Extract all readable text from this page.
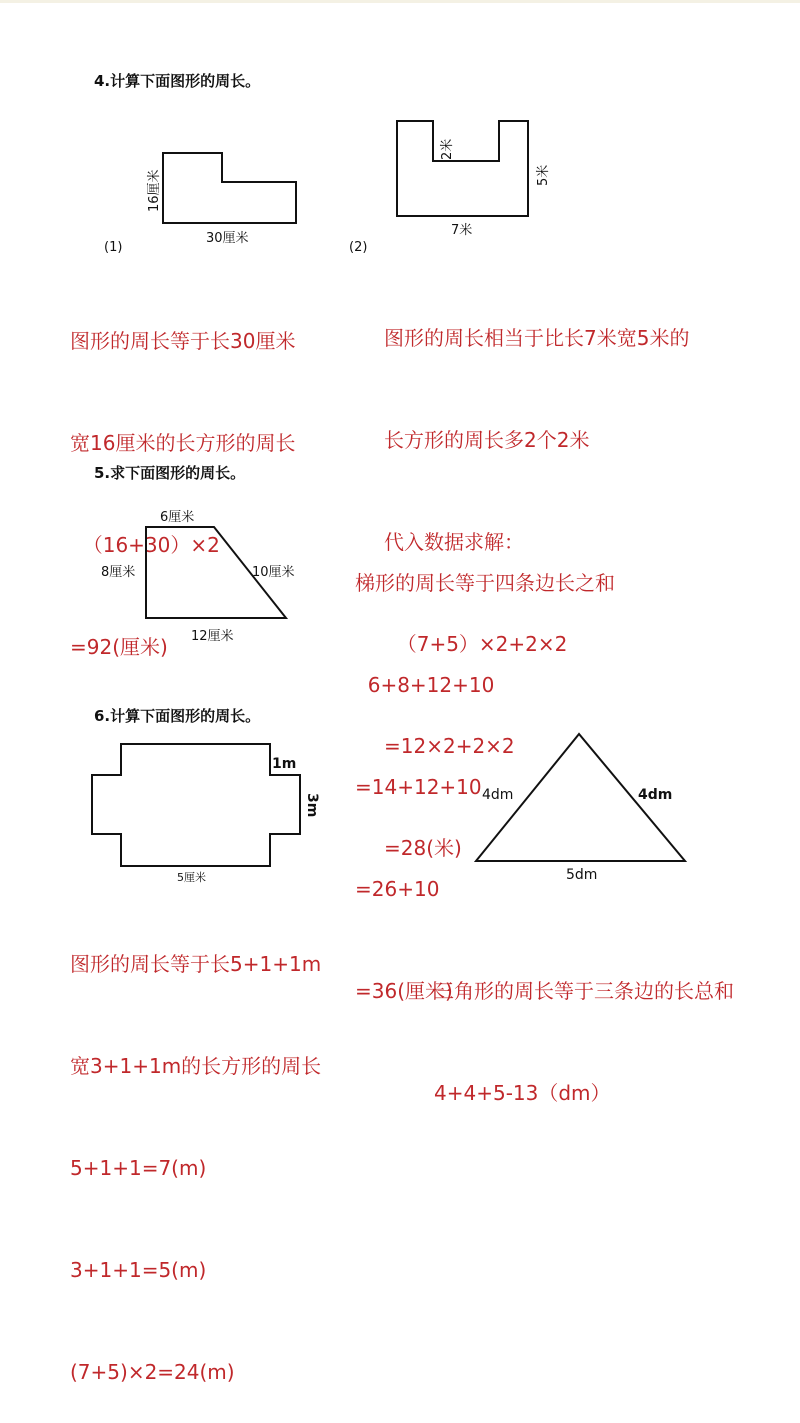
4.计算下面图形的周长。
16厘米
30厘米
(1)
2米
5米
7米
(2)

图形的周长等于长30厘米

宽16厘米的长方形的周长

（16+30）×2

=92(厘米)

图形的周长相当于比长7米宽5米的

长方形的周长多2个2米

代入数据求解：

（7+5）×2+2×2

=12×2+2×2

=28(米)

5.求下面图形的周长。
6厘米
8厘米	10厘米
12厘米

梯形的周长等于四条边长之和

6+8+12+10

=14+12+10

=26+10

=36(厘米)

6.计算下面图形的周长。
1m
3m
5厘米
4dm	4dm
5dm

图形的周长等于长5+1+1m

宽3+1+1m的长方形的周长

5+1+1=7(m)

3+1+1=5(m)

(7+5)×2=24(m)

三角形的周长等于三条边的长总和

4+4+5-13（dm）
